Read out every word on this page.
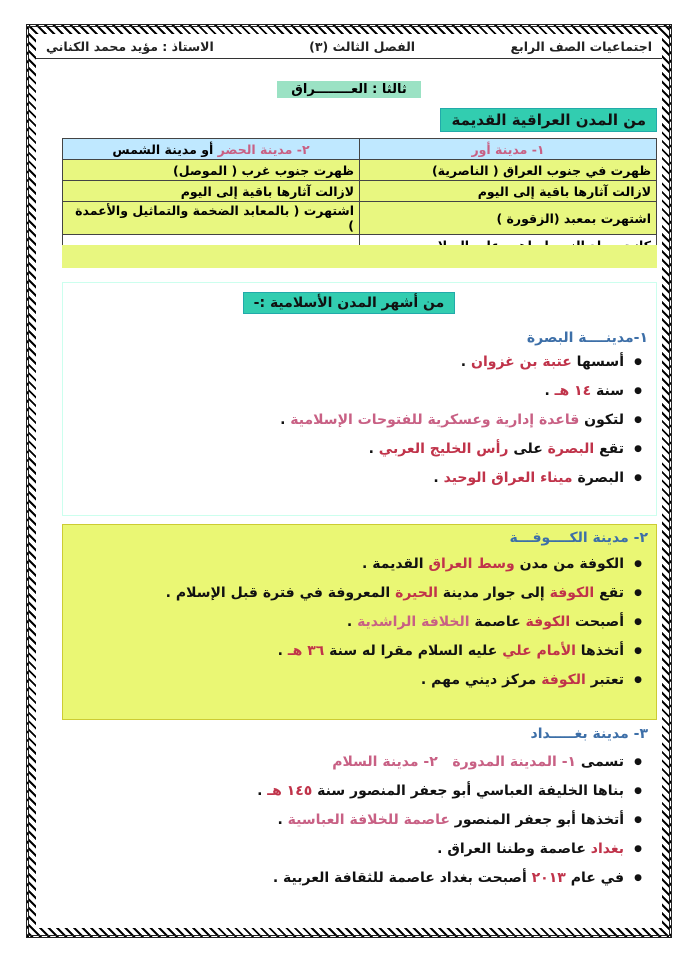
اجتماعيات الصف الرابع
الفصل الثالث (٣)
الاستاذ : مؤيد محمد الكناني
ثالثا : العــــــــراق
من المدن العراقية القديمة
١- مدينة أور	٢- مدينة الحضر أو مدينة الشمس
ظهرت في جنوب العراق ( الناصرية)	ظهرت جنوب غرب ( الموصل)
لازالت آثارها باقية إلى اليوم	لازالت آثارها باقية إلى اليوم
اشتهرت بمعبد (الزقورة )	اشتهرت ( بالمعابد الضخمة والتماثيل والأعمدة )

من أشهر المدن الأسلامية :-
١-مدينــــة البصرة
● أسسها عتبة بن غزوان .
● سنة ١٤ هـ .
● لتكون قاعدة إدارية وعسكرية للفتوحات الإسلامية .
● تقع البصرة على رأس الخليج العربي .
● البصرة ميناء العراق الوحيد .
٢- مدينة الكــــوفـــة
● الكوفة من مدن وسط العراق القديمة .
● تقع الكوفة إلى جوار مدينة الحيرة المعروفة في فترة قبل الإسلام .
● أصبحت الكوفة عاصمة الخلافة الراشدية .
● أتخذها الأمام علي عليه السلام مقرا له سنة ٣٦ هـ .
● تعتبر الكوفة مركز ديني مهم .
٣- مدينة بغـــــداد
● تسمى ١- المدينة المدورة   ٢- مدينة السلام
● بناها الخليفة العباسي أبو جعفر المنصور سنة ١٤٥ هـ .
● أتخذها أبو جعفر المنصور عاصمة للخلافة العباسية .
● بغداد عاصمة وطننا العراق .
● في عام ٢٠١٣ أصبحت بغداد عاصمة للثقافة العربية .
